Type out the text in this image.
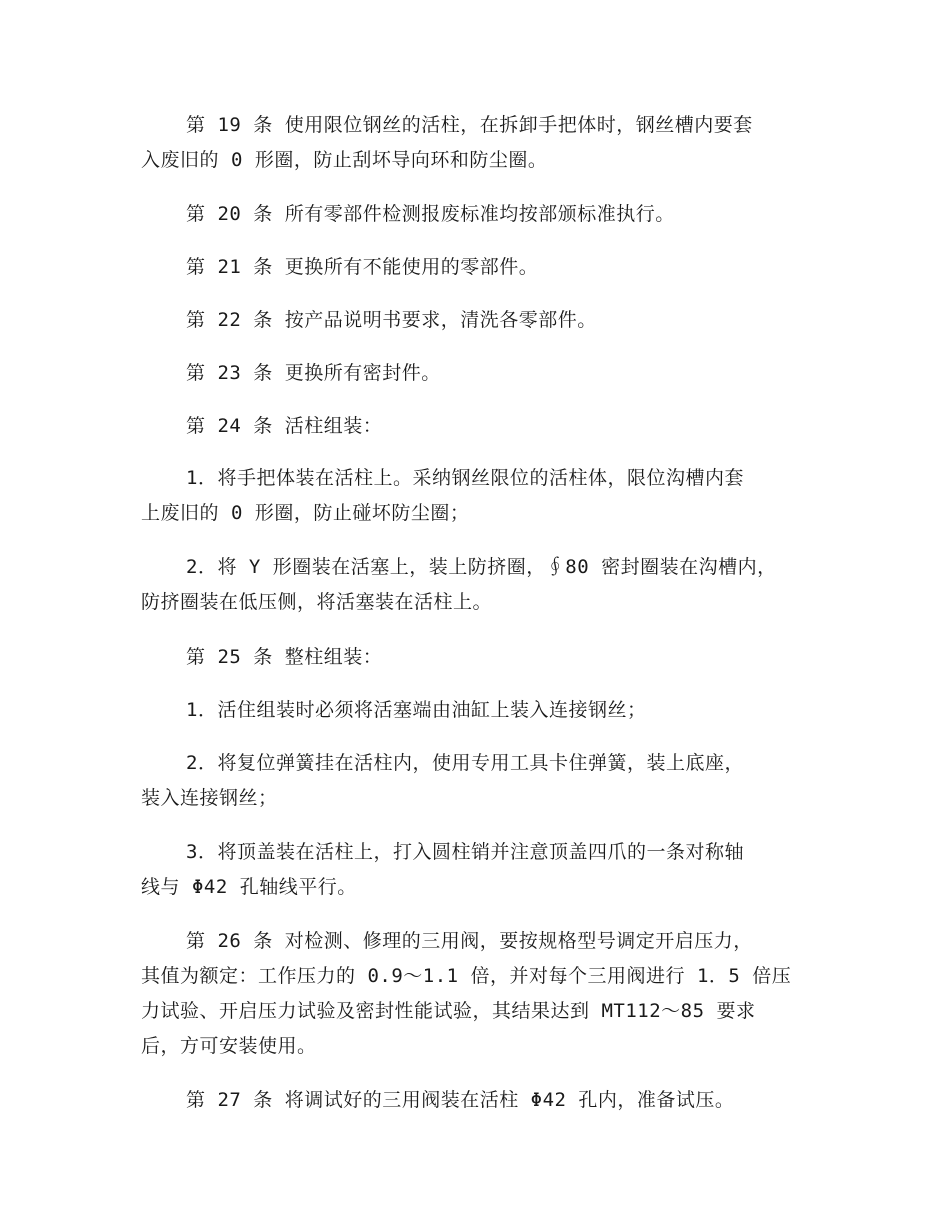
第 19 条 使用限位钢丝的活柱，在拆卸手把体时，钢丝槽内要套
入废旧的 0 形圈，防止刮坏导向环和防尘圈。

第 20 条 所有零部件检测报废标准均按部颁标准执行。

第 21 条 更换所有不能使用的零部件。

第 22 条 按产品说明书要求，清洗各零部件。

第 23 条 更换所有密封件。

第 24 条 活柱组装：

1．将手把体装在活柱上。采纳钢丝限位的活柱体，限位沟槽内套
上废旧的 0 形圈，防止碰坏防尘圈；

2．将 Y 形圈装在活塞上，装上防挤圈，∮80 密封圈装在沟槽内，
防挤圈装在低压侧，将活塞装在活柱上。

第 25 条 整柱组装：

1．活住组装时必须将活塞端由油缸上装入连接钢丝；

2．将复位弹簧挂在活柱内，使用专用工具卡住弹簧，装上底座，
装入连接钢丝；

3．将顶盖装在活柱上，打入圆柱销并注意顶盖四爪的一条对称轴
线与 Φ42 孔轴线平行。

第 26 条 对检测、修理的三用阀，要按规格型号调定开启压力，
其值为额定：工作压力的 0.9～1.1 倍，并对每个三用阀进行 1．5 倍压
力试验、开启压力试验及密封性能试验，其结果达到 MT112～85 要求
后，方可安装使用。

第 27 条 将调试好的三用阀装在活柱 Φ42 孔内，准备试压。
